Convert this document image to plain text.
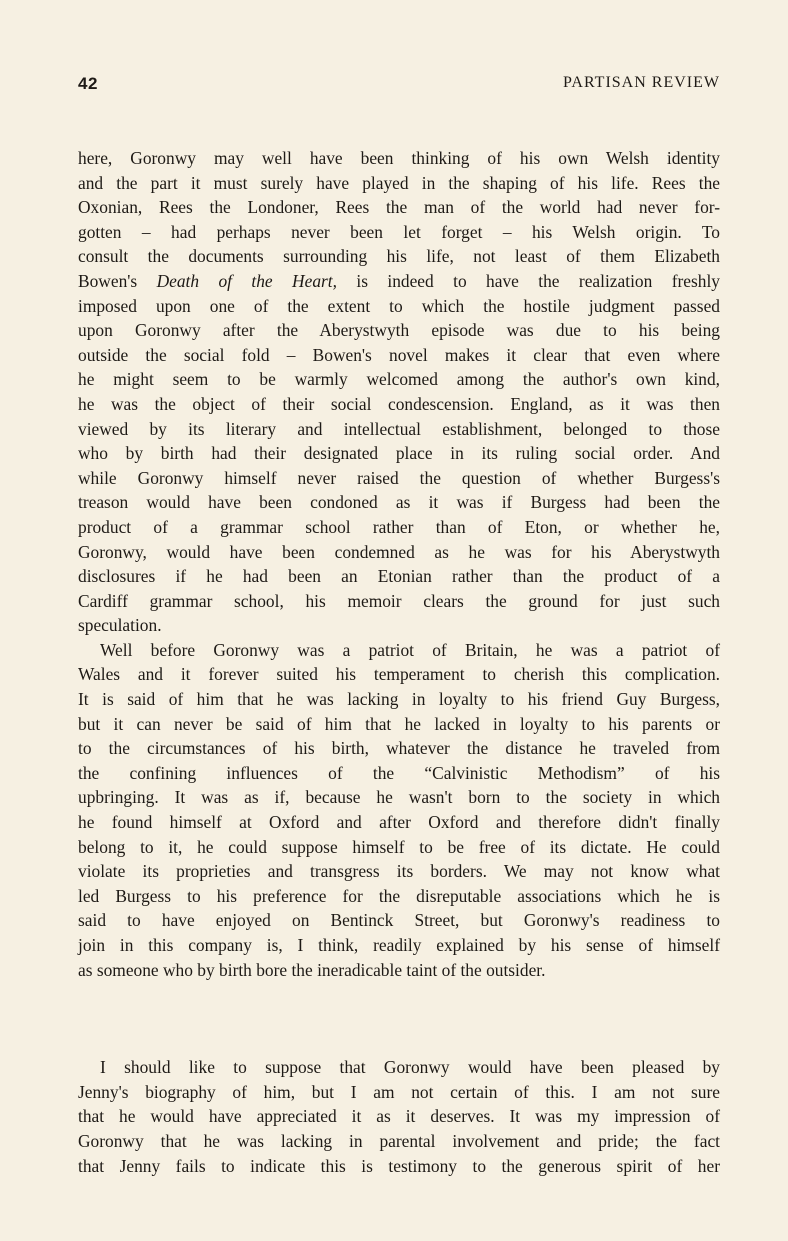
42	PARTISAN REVIEW
here, Goronwy may well have been thinking of his own Welsh identity
and the part it must surely have played in the shaping of his life. Rees the
Oxonian, Rees the Londoner, Rees the man of the world had never for-
gotten – had perhaps never been let forget – his Welsh origin. To
consult the documents surrounding his life, not least of them Elizabeth
Bowen's Death of the Heart, is indeed to have the realization freshly
imposed upon one of the extent to which the hostile judgment passed
upon Goronwy after the Aberystwyth episode was due to his being
outside the social fold – Bowen's novel makes it clear that even where
he might seem to be warmly welcomed among the author's own kind,
he was the object of their social condescension. England, as it was then
viewed by its literary and intellectual establishment, belonged to those
who by birth had their designated place in its ruling social order. And
while Goronwy himself never raised the question of whether Burgess's
treason would have been condoned as it was if Burgess had been the
product of a grammar school rather than of Eton, or whether he,
Goronwy, would have been condemned as he was for his Aberystwyth
disclosures if he had been an Etonian rather than the product of a
Cardiff grammar school, his memoir clears the ground for just such
speculation.
Well before Goronwy was a patriot of Britain, he was a patriot of
Wales and it forever suited his temperament to cherish this complication.
It is said of him that he was lacking in loyalty to his friend Guy Burgess,
but it can never be said of him that he lacked in loyalty to his parents or
to the circumstances of his birth, whatever the distance he traveled from
the confining influences of the “Calvinistic Methodism” of his
upbringing. It was as if, because he wasn't born to the society in which
he found himself at Oxford and after Oxford and therefore didn't finally
belong to it, he could suppose himself to be free of its dictate. He could
violate its proprieties and transgress its borders. We may not know what
led Burgess to his preference for the disreputable associations which he is
said to have enjoyed on Bentinck Street, but Goronwy's readiness to
join in this company is, I think, readily explained by his sense of himself
as someone who by birth bore the ineradicable taint of the outsider.
I should like to suppose that Goronwy would have been pleased by
Jenny's biography of him, but I am not certain of this. I am not sure
that he would have appreciated it as it deserves. It was my impression of
Goronwy that he was lacking in parental involvement and pride; the fact
that Jenny fails to indicate this is testimony to the generous spirit of her
